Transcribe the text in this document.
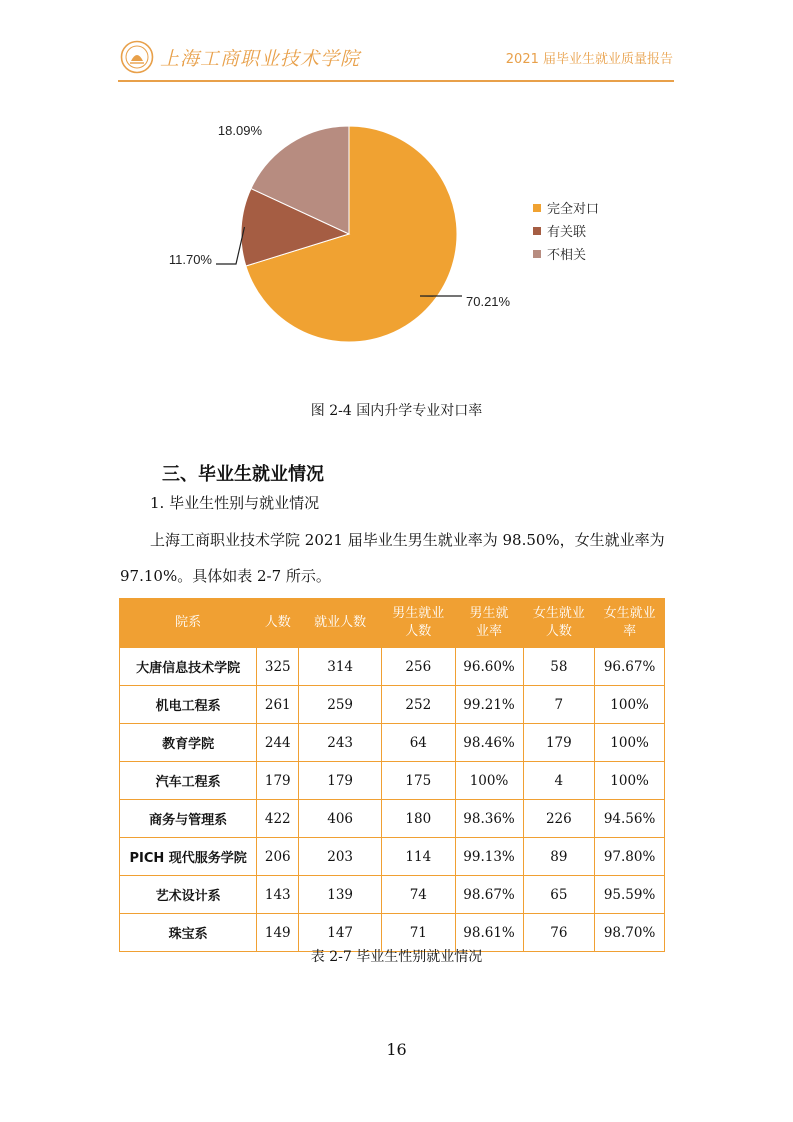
上海工商职业技术学院	2021 届毕业生就业质量报告
70.21%
11.70%
18.09%
完全对口
有关联
不相关
图 2-4 国内升学专业对口率
三、毕业生就业情况
1. 毕业生性别与就业情况
上海工商职业技术学院 2021 届毕业生男生就业率为 98.50%，女生就业率为 97.10%。具体如表 2-7 所示。
院系	人数	就业人数	男生就业人数	男生就业率	女生就业人数	女生就业率
大唐信息技术学院	325	314	256	96.60%	58	96.67%
机电工程系	261	259	252	99.21%	7	100%
教育学院	244	243	64	98.46%	179	100%
汽车工程系	179	179	175	100%	4	100%
商务与管理系	422	406	180	98.36%	226	94.56%
PICH 现代服务学院	206	203	114	99.13%	89	97.80%
艺术设计系	143	139	74	98.67%	65	95.59%
珠宝系	149	147	71	98.61%	76	98.70%
表 2-7 毕业生性别就业情况
16
